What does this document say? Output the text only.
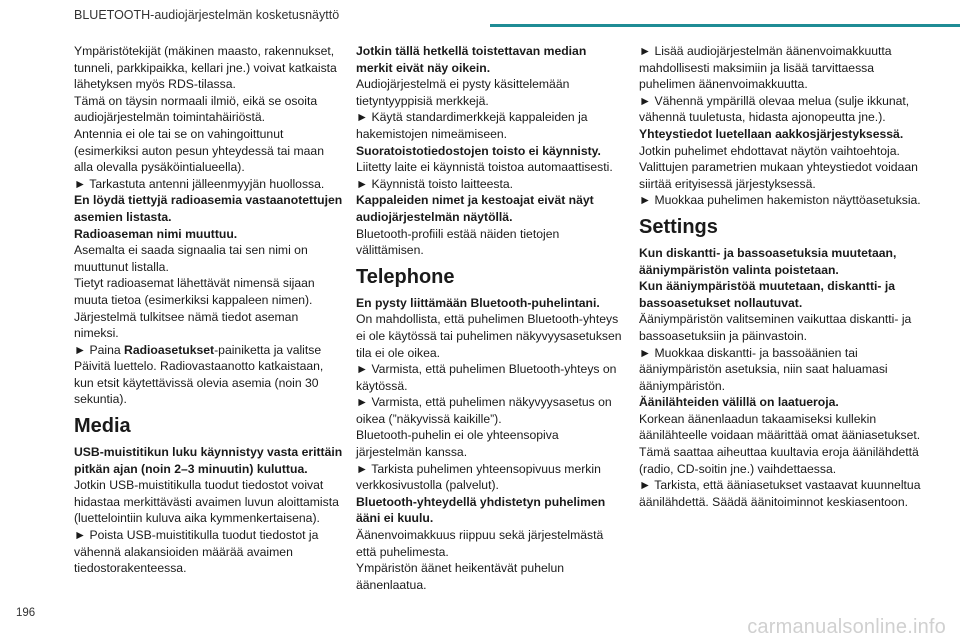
BLUETOOTH-audiojärjestelmän kosketusnäyttö

Ympäristötekijät (mäkinen maasto, rakennukset, tunneli, parkkipaikka, kellari jne.) voivat katkaista lähetyksen myös RDS-tilassa.

Tämä on täysin normaali ilmiö, eikä se osoita audiojärjestelmän toimintahäiriöstä.

Antennia ei ole tai se on vahingoittunut (esimerkiksi auton pesun yhteydessä tai maan alla olevalla pysäköintialueella).

► Tarkastuta antenni jälleenmyyjän huollossa.

En löydä tiettyjä radioasemia vastaanotettujen asemien listasta.

Radioaseman nimi muuttuu.

Asemalta ei saada signaalia tai sen nimi on muuttunut listalla.

Tietyt radioasemat lähettävät nimensä sijaan muuta tietoa (esimerkiksi kappaleen nimen).

Järjestelmä tulkitsee nämä tiedot aseman nimeksi.

► Paina Radioasetukset-painiketta ja valitse Päivitä luettelo. Radiovastaanotto katkaistaan, kun etsit käytettävissä olevia asemia (noin 30 sekuntia).

Media

USB-muistitikun luku käynnistyy vasta erittäin pitkän ajan (noin 2–3 minuutin) kuluttua.

Jotkin USB-muistitikulla tuodut tiedostot voivat hidastaa merkittävästi avaimen luvun aloittamista (luettelointiin kuluva aika kymmenkertaisena).

► Poista USB-muistitikulla tuodut tiedostot ja vähennä alakansioiden määrää avaimen tiedostorakenteessa.

Jotkin tällä hetkellä toistettavan median merkit eivät näy oikein.

Audiojärjestelmä ei pysty käsittelemään tietyntyyppisiä merkkejä.

► Käytä standardimerkkejä kappaleiden ja hakemistojen nimeämiseen.

Suoratoistotiedostojen toisto ei käynnisty.

Liitetty laite ei käynnistä toistoa automaattisesti.

► Käynnistä toisto laitteesta.

Kappaleiden nimet ja kestoajat eivät näyt audiojärjestelmän näytöllä.

Bluetooth-profiili estää näiden tietojen välittämisen.

Telephone

En pysty liittämään Bluetooth-puhelintani.

On mahdollista, että puhelimen Bluetooth-yhteys ei ole käytössä tai puhelimen näkyvyysasetuksen tila ei ole oikea.

► Varmista, että puhelimen Bluetooth-yhteys on käytössä.

► Varmista, että puhelimen näkyvyysasetus on oikea (”näkyvissä kaikille”).

Bluetooth-puhelin ei ole yhteensopiva järjestelmän kanssa.

► Tarkista puhelimen yhteensopivuus merkin verkkosivustolla (palvelut).

Bluetooth-yhteydellä yhdistetyn puhelimen ääni ei kuulu.

Äänenvoimakkuus riippuu sekä järjestelmästä että puhelimesta.

Ympäristön äänet heikentävät puhelun äänenlaatua.

► Lisää audiojärjestelmän äänenvoimakkuutta mahdollisesti maksimiin ja lisää tarvittaessa puhelimen äänenvoimakkuutta.

► Vähennä ympärillä olevaa melua (sulje ikkunat, vähennä tuuletusta, hidasta ajonopeutta jne.).

Yhteystiedot luetellaan aakkosjärjestyksessä.

Jotkin puhelimet ehdottavat näytön vaihtoehtoja. Valittujen parametrien mukaan yhteystiedot voidaan siirtää erityisessä järjestyksessä.

► Muokkaa puhelimen hakemiston näyttöasetuksia.

Settings

Kun diskantti- ja bassoasetuksia muutetaan, ääniympäristön valinta poistetaan.

Kun ääniympäristöä muutetaan, diskantti- ja bassoasetukset nollautuvat.

Ääniympäristön valitseminen vaikuttaa diskantti- ja bassoasetuksiin ja päinvastoin.

► Muokkaa diskantti- ja bassoäänien tai ääniympäristön asetuksia, niin saat haluamasi ääniympäristön.

Äänilähteiden välillä on laatueroja.

Korkean äänenlaadun takaamiseksi kullekin äänilähteelle voidaan määrittää omat ääniasetukset. Tämä saattaa aiheuttaa kuultavia eroja äänilähdettä (radio, CD-soitin jne.) vaihdettaessa.

► Tarkista, että ääniasetukset vastaavat kuunneltua äänilähdettä. Säädä äänitoiminnot keskiasentoon.

196
carmanualsonline.info
